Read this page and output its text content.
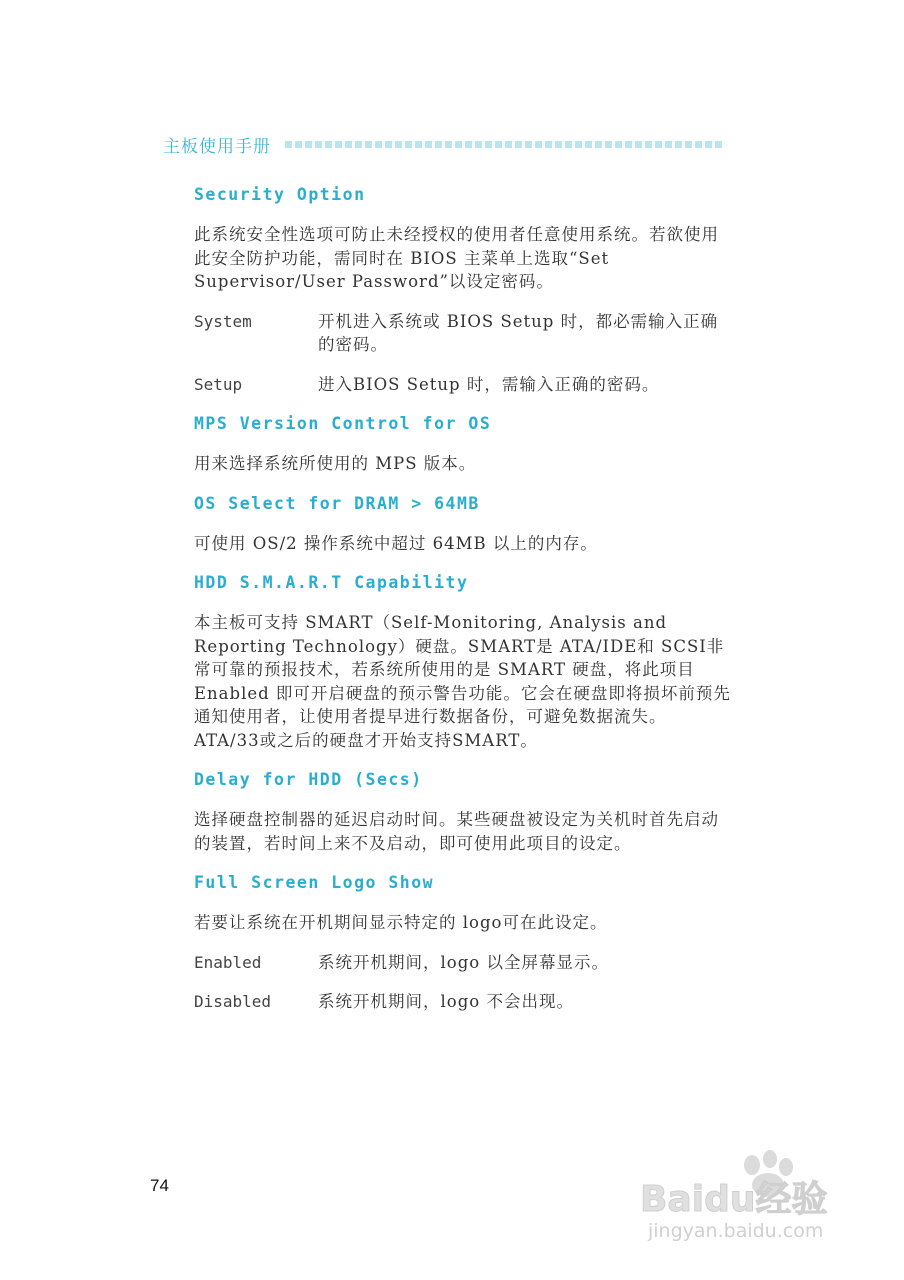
主板使用手册
Security Option
此系统安全性选项可防止未经授权的使用者任意使用系统。若欲使用此安全防护功能，需同时在 BIOS 主菜单上选取“Set Supervisor/User Password”以设定密码。
System	开机进入系统或 BIOS Setup 时，都必需输入正确的密码。
Setup	进入BIOS Setup 时，需输入正确的密码。
MPS Version Control for OS
用来选择系统所使用的 MPS 版本。
OS Select for DRAM > 64MB
可使用 OS/2 操作系统中超过 64MB 以上的内存。
HDD S.M.A.R.T Capability
本主板可支持 SMART（Self-Monitoring, Analysis and Reporting Technology）硬盘。SMART是 ATA/IDE和 SCSI非常可靠的预报技术，若系统所使用的是 SMART 硬盘，将此项目 Enabled 即可开启硬盘的预示警告功能。它会在硬盘即将损坏前预先通知使用者，让使用者提早进行数据备份，可避免数据流失。 ATA/33或之后的硬盘才开始支持SMART。
Delay for HDD (Secs)
选择硬盘控制器的延迟启动时间。某些硬盘被设定为关机时首先启动的装置，若时间上来不及启动，即可使用此项目的设定。
Full Screen Logo Show
若要让系统在开机期间显示特定的 logo可在此设定。
Enabled	系统开机期间，logo 以全屏幕显示。
Disabled	系统开机期间，logo 不会出现。
74	Baidu经验
jingyan.baidu.com
